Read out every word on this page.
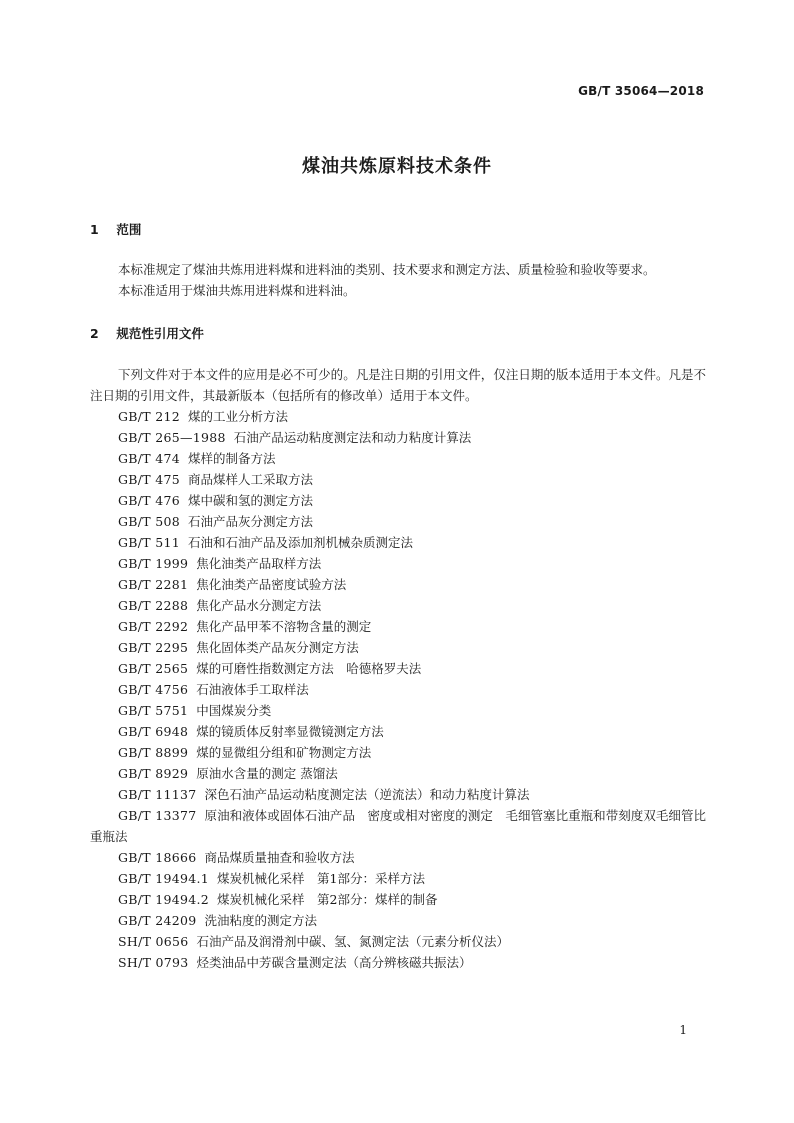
GB/T 35064—2018
煤油共炼原料技术条件
1 范围

本标准规定了煤油共炼用进料煤和进料油的类别、技术要求和测定方法、质量检验和验收等要求。

本标准适用于煤油共炼用进料煤和进料油。

2 规范性引用文件

下列文件对于本文件的应用是必不可少的。凡是注日期的引用文件，仅注日期的版本适用于本文件。凡是不注日期的引用文件，其最新版本（包括所有的修改单）适用于本文件。

GB/T 212 煤的工业分析方法
GB/T 265—1988 石油产品运动粘度测定法和动力粘度计算法
GB/T 474 煤样的制备方法
GB/T 475 商品煤样人工采取方法
GB/T 476 煤中碳和氢的测定方法
GB/T 508 石油产品灰分测定方法
GB/T 511 石油和石油产品及添加剂机械杂质测定法
GB/T 1999 焦化油类产品取样方法
GB/T 2281 焦化油类产品密度试验方法
GB/T 2288 焦化产品水分测定方法
GB/T 2292 焦化产品甲苯不溶物含量的测定
GB/T 2295 焦化固体类产品灰分测定方法
GB/T 2565 煤的可磨性指数测定方法　哈德格罗夫法
GB/T 4756 石油液体手工取样法
GB/T 5751 中国煤炭分类
GB/T 6948 煤的镜质体反射率显微镜测定方法
GB/T 8899 煤的显微组分组和矿物测定方法
GB/T 8929 原油水含量的测定 蒸馏法
GB/T 11137 深色石油产品运动粘度测定法（逆流法）和动力粘度计算法
GB/T 13377 原油和液体或固体石油产品　密度或相对密度的测定　毛细管塞比重瓶和带刻度双毛细管比重瓶法
GB/T 18666 商品煤质量抽查和验收方法
GB/T 19494.1 煤炭机械化采样　第1部分：采样方法
GB/T 19494.2 煤炭机械化采样　第2部分：煤样的制备
GB/T 24209 洗油粘度的测定方法
SH/T 0656 石油产品及润滑剂中碳、氢、氮测定法（元素分析仪法）
SH/T 0793 烃类油品中芳碳含量测定法（高分辨核磁共振法）
1
